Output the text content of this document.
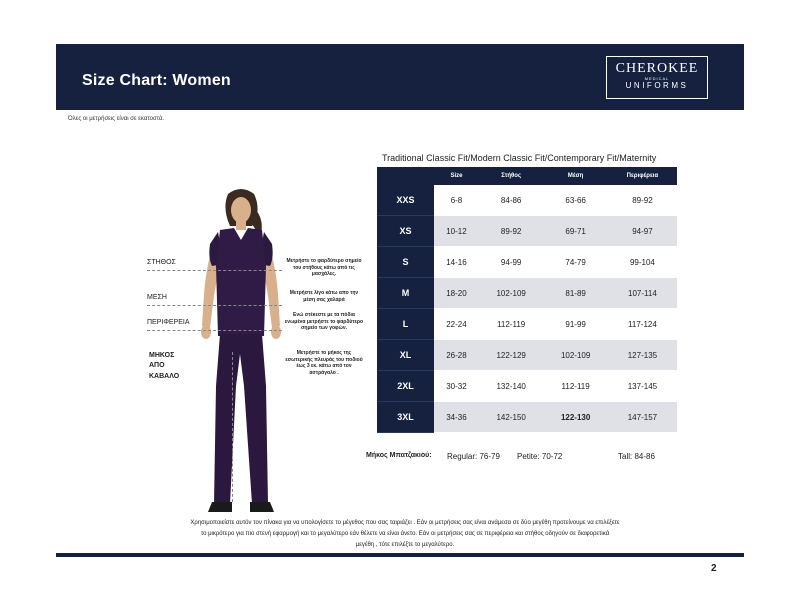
Size Chart: Women
CHEROKEE
MEDICAL
UNIFORMS
Όλες οι μετρήσεις είναι σε εκατοστά.
ΣΤΗΘΟΣ
ΜΕΣΗ
ΠΕΡΙΦΕΡΕΙΑ
ΜΗΚΟΣ
ΑΠΟ
ΚΑΒΑΛΟ
Μετρήστε το φαρδύτερο σημείο του στήθους κάτω από τις μασχάλες.
Μετρήστε λίγο κάτω απο την μέση σας χαλαρά
Ενώ στέκεστε με τα πόδια ενωμένα μετρήστε το φαρδύτερο σημείο των γοφών.
Μετρήστε το μήκος της εσωτερικής πλευράς του ποδιού έως 3 εκ. κάτω από τον αστράγαλο .
Traditional Classic Fit/Modern Classic Fit/Contemporary Fit/Maternity
	Size	Στήθος	Μέση	Περιφέρεια
XXS	6-8	84-86	63-66	89-92
XS	10-12	89-92	69-71	94-97
S	14-16	94-99	74-79	99-104
M	18-20	102-109	81-89	107-114
L	22-24	112-119	91-99	117-124
XL	26-28	122-129	102-109	127-135
2XL	30-32	132-140	112-119	137-145
3XL	34-36	142-150	122-130	147-157
Μήκος Μπατζακιού: Regular: 76-79 Petite: 70-72	Tall: 84-86
Χρησιμοποιείστε αυτόν τον πίνακα για να υπολογίσετε το μέγεθος που σας ταιριάζει . Εάν οι μετρήσεις σας είναι ανάμεσα σε δύο μεγέθη προτείνουμε να επιλέξετε
το μικρότερο για πιο στενή εφαρμογή και το μεγαλύτερο εάν θέλετε να είναι άνετο. Εάν οι μετρήσεις σας σε περιφέρεια και στήθος οδηγούν σε διαφορετικά
μεγέθη , τότε επιλέξτε το μεγαλύτερο.
2
